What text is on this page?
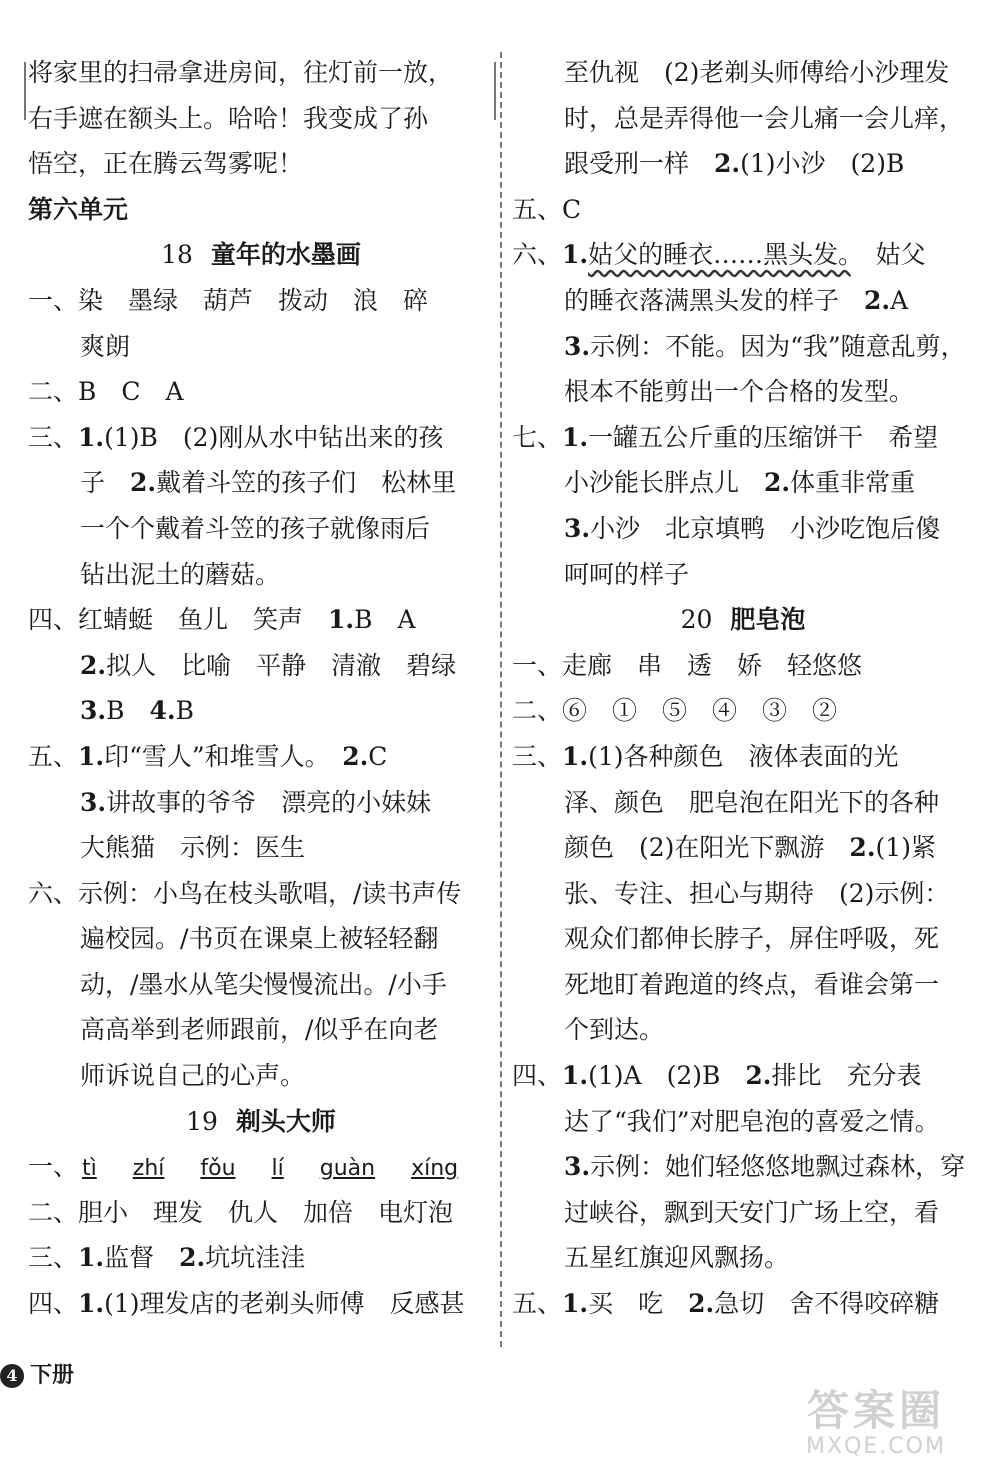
将家里的扫帚拿进房间，往灯前一放，
右手遮在额头上。哈哈！我变成了孙
悟空，正在腾云驾雾呢！
第六单元
18 童年的水墨画
一、染　墨绿　葫芦　拨动　浪　碎
爽朗
二、B　C　A
三、1.(1)B　(2)刚从水中钻出来的孩
子　2.戴着斗笠的孩子们　松林里
一个个戴着斗笠的孩子就像雨后
钻出泥土的蘑菇。
四、红蜻蜓　鱼儿　笑声　1.B　A
2.拟人　比喻　平静　清澈　碧绿
3.B　4.B
五、1.印“雪人”和堆雪人。　2.C
3.讲故事的爷爷　漂亮的小妹妹
大熊猫　示例：医生
六、示例：小鸟在枝头歌唱，/读书声传
遍校园。/书页在课桌上被轻轻翻
动，/墨水从笔尖慢慢流出。/小手
高高举到老师跟前，/似乎在向老
师诉说自己的心声。
19 剃头大师
一、 tì zhí fǒu lí guàn xíng
二、胆小　理发　仇人　加倍　电灯泡
三、1.监督　2.坑坑洼洼
四、1.(1)理发店的老剃头师傅　反感甚
至仇视　(2)老剃头师傅给小沙理发
时，总是弄得他一会儿痛一会儿痒，
跟受刑一样　2.(1)小沙　(2)B
五、C
六、1.姑父的睡衣……黑头发。　姑父
的睡衣落满黑头发的样子　2.A
3.示例：不能。因为“我”随意乱剪，
根本不能剪出一个合格的发型。
七、1.一罐五公斤重的压缩饼干　希望
小沙能长胖点儿　2.体重非常重
3.小沙　北京填鸭　小沙吃饱后傻
呵呵的样子
20 肥皂泡
一、走廊　串　透　娇　轻悠悠
二、⑥　①　⑤　④　③　②
三、1.(1)各种颜色　液体表面的光
泽、颜色　肥皂泡在阳光下的各种
颜色　(2)在阳光下飘游　2.(1)紧
张、专注、担心与期待　(2)示例：
观众们都伸长脖子，屏住呼吸，死
死地盯着跑道的终点，看谁会第一
个到达。
四、1.(1)A　(2)B　2.排比　充分表
达了“我们”对肥皂泡的喜爱之情。
3.示例：她们轻悠悠地飘过森林，穿
过峡谷，飘到天安门广场上空，看
五星红旗迎风飘扬。
五、1.买　吃　2.急切　舍不得咬碎糖
4 下册
答案圈
MXQE.COM
